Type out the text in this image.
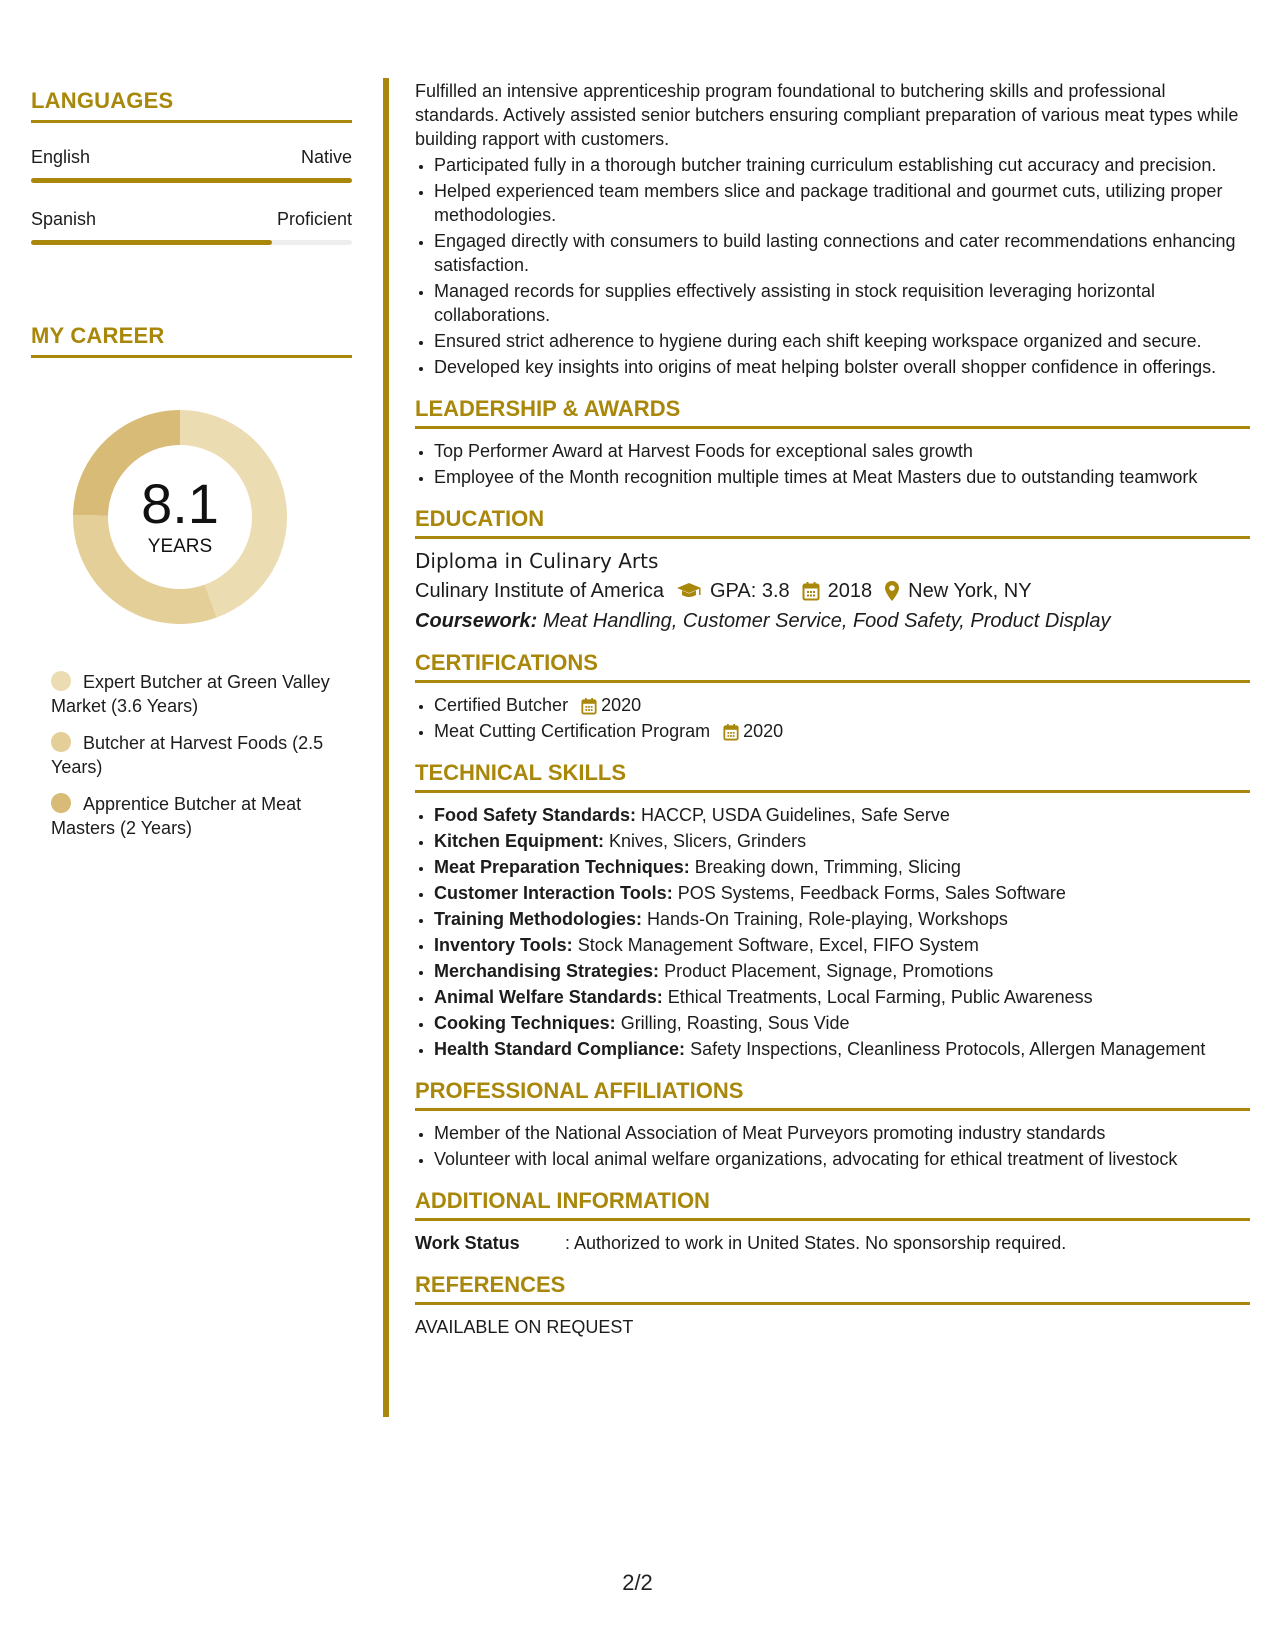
LANGUAGES
English	Native
Spanish	Proficient
MY CAREER
8.1
YEARS
Expert Butcher at Green Valley Market (3.6 Years)
Butcher at Harvest Foods (2.5 Years)
Apprentice Butcher at Meat Masters (2 Years)

Fulfilled an intensive apprenticeship program foundational to butchering skills and professional standards. Actively assisted senior butchers ensuring compliant preparation of various meat types while building rapport with customers.

• Participated fully in a thorough butcher training curriculum establishing cut accuracy and precision.
• Helped experienced team members slice and package traditional and gourmet cuts, utilizing proper methodologies.
• Engaged directly with consumers to build lasting connections and cater recommendations enhancing satisfaction.
• Managed records for supplies effectively assisting in stock requisition leveraging horizontal collaborations.
• Ensured strict adherence to hygiene during each shift keeping workspace organized and secure.
• Developed key insights into origins of meat helping bolster overall shopper confidence in offerings.
LEADERSHIP & AWARDS
• Top Performer Award at Harvest Foods for exceptional sales growth
• Employee of the Month recognition multiple times at Meat Masters due to outstanding teamwork
EDUCATION
Diploma in Culinary Arts
Culinary Institute of America GPA: 3.8 2018 New York, NY
Coursework: Meat Handling, Customer Service, Food Safety, Product Display
CERTIFICATIONS
• Certified Butcher 2020
• Meat Cutting Certification Program 2020
TECHNICAL SKILLS
• Food Safety Standards: HACCP, USDA Guidelines, Safe Serve
• Kitchen Equipment: Knives, Slicers, Grinders
• Meat Preparation Techniques: Breaking down, Trimming, Slicing
• Customer Interaction Tools: POS Systems, Feedback Forms, Sales Software
• Training Methodologies: Hands-On Training, Role-playing, Workshops
• Inventory Tools: Stock Management Software, Excel, FIFO System
• Merchandising Strategies: Product Placement, Signage, Promotions
• Animal Welfare Standards: Ethical Treatments, Local Farming, Public Awareness
• Cooking Techniques: Grilling, Roasting, Sous Vide
• Health Standard Compliance: Safety Inspections, Cleanliness Protocols, Allergen Management
PROFESSIONAL AFFILIATIONS
• Member of the National Association of Meat Purveyors promoting industry standards
• Volunteer with local animal welfare organizations, advocating for ethical treatment of livestock
ADDITIONAL INFORMATION
Work Status	: Authorized to work in United States. No sponsorship required.
REFERENCES
AVAILABLE ON REQUEST
2/2
